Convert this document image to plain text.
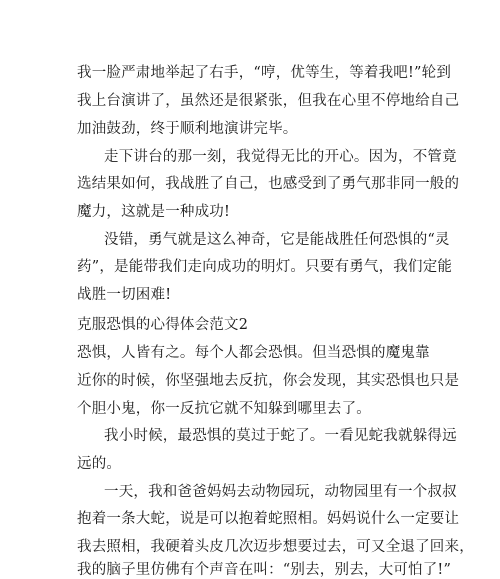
我一脸严肃地举起了右手，“哼，优等生，等着我吧!”轮到
我上台演讲了，虽然还是很紧张，但我在心里不停地给自己
加油鼓劲，终于顺利地演讲完毕。
走下讲台的那一刻，我觉得无比的开心。因为，不管竟
选结果如何，我战胜了自己，也感受到了勇气那非同一般的
魔力，这就是一种成功!
没错，勇气就是这么神奇，它是能战胜任何恐惧的“灵
药”，是能带我们走向成功的明灯。只要有勇气，我们定能
战胜一切困难!
克服恐惧的心得体会范文2
恐惧，人皆有之。每个人都会恐惧。但当恐惧的魔鬼靠
近你的时候，你坚强地去反抗，你会发现，其实恐惧也只是
个胆小鬼，你一反抗它就不知躲到哪里去了。
我小时候，最恐惧的莫过于蛇了。一看见蛇我就躲得远
远的。
一天，我和爸爸妈妈去动物园玩，动物园里有一个叔叔
抱着一条大蛇，说是可以抱着蛇照相。妈妈说什么一定要让
我去照相，我硬着头皮几次迈步想要过去，可又全退了回来，
我的脑子里仿佛有个声音在叫：“别去，别去，大可怕了!”
